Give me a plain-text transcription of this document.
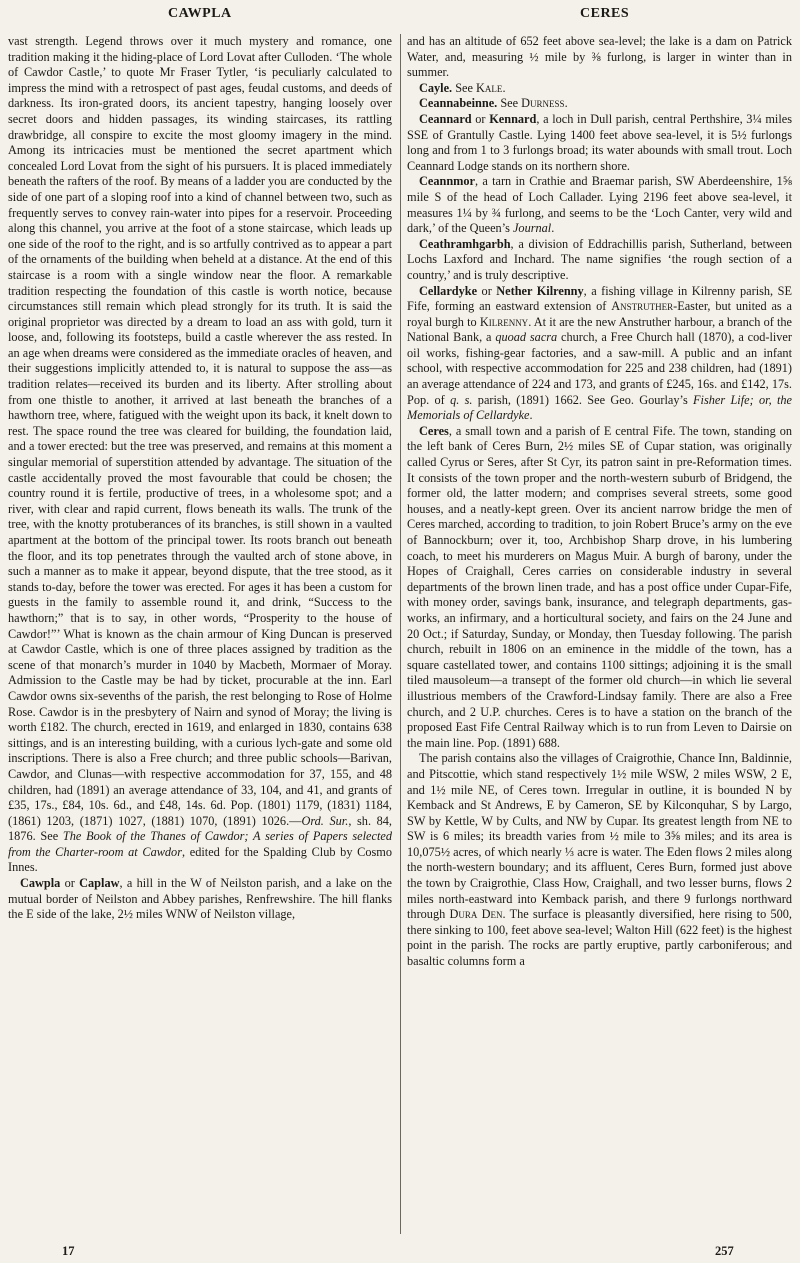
CAWPLA	CERES

vast strength. Legend throws over it much mystery and romance, one tradition making it the hiding-place of Lord Lovat after Culloden. ‘The whole of Cawdor Castle,’ to quote Mr Fraser Tytler, ‘is peculiarly calculated to impress the mind with a retrospect of past ages, feudal customs, and deeds of darkness. Its iron-grated doors, its ancient tapestry, hanging loosely over secret doors and hidden passages, its winding staircases, its rattling drawbridge, all conspire to excite the most gloomy imagery in the mind. Among its intricacies must be mentioned the secret apartment which concealed Lord Lovat from the sight of his pursuers. It is placed immediately beneath the rafters of the roof. By means of a ladder you are conducted by the side of one part of a sloping roof into a kind of channel between two, such as frequently serves to convey rain-water into pipes for a reservoir. Proceeding along this channel, you arrive at the foot of a stone staircase, which leads up one side of the roof to the right, and is so artfully contrived as to appear a part of the ornaments of the building when beheld at a distance. At the end of this staircase is a room with a single window near the floor. A remarkable tradition respecting the foundation of this castle is worth notice, because circumstances still remain which plead strongly for its truth. It is said the original proprietor was directed by a dream to load an ass with gold, turn it loose, and, following its footsteps, build a castle wherever the ass rested. In an age when dreams were considered as the immediate oracles of heaven, and their suggestions implicitly attended to, it is natural to suppose the ass—as tradition relates—received its burden and its liberty. After strolling about from one thistle to another, it arrived at last beneath the branches of a hawthorn tree, where, fatigued with the weight upon its back, it knelt down to rest. The space round the tree was cleared for building, the foundation laid, and a tower erected: but the tree was preserved, and remains at this moment a singular memorial of superstition attended by advantage. The situation of the castle accidentally proved the most favourable that could be chosen; the country round it is fertile, productive of trees, in a wholesome spot; and a river, with clear and rapid current, flows beneath its walls. The trunk of the tree, with the knotty protuberances of its branches, is still shown in a vaulted apartment at the bottom of the principal tower. Its roots branch out beneath the floor, and its top penetrates through the vaulted arch of stone above, in such a manner as to make it appear, beyond dispute, that the tree stood, as it stands to-day, before the tower was erected. For ages it has been a custom for guests in the family to assemble round it, and drink, “Success to the hawthorn;” that is to say, in other words, “Prosperity to the house of Cawdor!”’ What is known as the chain armour of King Duncan is preserved at Cawdor Castle, which is one of three places assigned by tradition as the scene of that monarch’s murder in 1040 by Macbeth, Mormaer of Moray. Admission to the Castle may be had by ticket, procurable at the inn. Earl Cawdor owns six-sevenths of the parish, the rest belonging to Rose of Holme Rose. Cawdor is in the presbytery of Nairn and synod of Moray; the living is worth £182. The church, erected in 1619, and enlarged in 1830, contains 638 sittings, and is an interesting building, with a curious lych-gate and some old inscriptions. There is also a Free church; and three public schools—Barivan, Cawdor, and Clunas—with respective accommodation for 37, 155, and 48 children, had (1891) an average attendance of 33, 104, and 41, and grants of £35, 17s., £84, 10s. 6d., and £48, 14s. 6d. Pop. (1801) 1179, (1831) 1184, (1861) 1203, (1871) 1027, (1881) 1070, (1891) 1026.—Ord. Sur., sh. 84, 1876. See The Book of the Thanes of Cawdor; A series of Papers selected from the Charter-room at Cawdor, edited for the Spalding Club by Cosmo Innes.

Cawpla or Caplaw, a hill in the W of Neilston parish, and a lake on the mutual border of Neilston and Abbey parishes, Renfrewshire. The hill flanks the E side of the lake, 2½ miles WNW of Neilston village,

and has an altitude of 652 feet above sea-level; the lake is a dam on Patrick Water, and, measuring ½ mile by ⅜ furlong, is larger in winter than in summer.

Cayle. See Kale.

Ceannabeinne. See Durness.

Ceannard or Kennard, a loch in Dull parish, central Perthshire, 3¼ miles SSE of Grantully Castle. Lying 1400 feet above sea-level, it is 5½ furlongs long and from 1 to 3 furlongs broad; its water abounds with small trout. Loch Ceannard Lodge stands on its northern shore.

Ceannmor, a tarn in Crathie and Braemar parish, SW Aberdeenshire, 1⅝ mile S of the head of Loch Callader. Lying 2196 feet above sea-level, it measures 1¼ by ¾ furlong, and seems to be the ‘Loch Canter, very wild and dark,’ of the Queen’s Journal.

Ceathramhgarbh, a division of Eddrachillis parish, Sutherland, between Lochs Laxford and Inchard. The name signifies ‘the rough section of a country,’ and is truly descriptive.

Cellardyke or Nether Kilrenny, a fishing village in Kilrenny parish, SE Fife, forming an eastward extension of Anstruther-Easter, but united as a royal burgh to Kilrenny. At it are the new Anstruther harbour, a branch of the National Bank, a quoad sacra church, a Free Church hall (1870), a cod-liver oil works, fishing-gear factories, and a saw-mill. A public and an infant school, with respective accommodation for 225 and 238 children, had (1891) an average attendance of 224 and 173, and grants of £245, 16s. and £142, 17s. Pop. of q. s. parish, (1891) 1662. See Geo. Gourlay’s Fisher Life; or, the Memorials of Cellardyke.

Ceres, a small town and a parish of E central Fife. The town, standing on the left bank of Ceres Burn, 2½ miles SE of Cupar station, was originally called Cyrus or Seres, after St Cyr, its patron saint in pre-Reformation times. It consists of the town proper and the north-western suburb of Bridgend, the former old, the latter modern; and comprises several streets, some good houses, and a neatly-kept green. Over its ancient narrow bridge the men of Ceres marched, according to tradition, to join Robert Bruce’s army on the eve of Bannockburn; over it, too, Archbishop Sharp drove, in his lumbering coach, to meet his murderers on Magus Muir. A burgh of barony, under the Hopes of Craighall, Ceres carries on considerable industry in several departments of the brown linen trade, and has a post office under Cupar-Fife, with money order, savings bank, insurance, and telegraph departments, gas-works, an infirmary, and a horticultural society, and fairs on the 24 June and 20 Oct.; if Saturday, Sunday, or Monday, then Tuesday following. The parish church, rebuilt in 1806 on an eminence in the middle of the town, has a square castellated tower, and contains 1100 sittings; adjoining it is the small tiled mausoleum—a transept of the former old church—in which lie several illustrious members of the Crawford-Lindsay family. There are also a Free church, and 2 U.P. churches. Ceres is to have a station on the branch of the proposed East Fife Central Railway which is to run from Leven to Dairsie on the main line. Pop. (1891) 688.

The parish contains also the villages of Craigrothie, Chance Inn, Baldinnie, and Pitscottie, which stand respectively 1½ mile WSW, 2 miles WSW, 2 E, and 1½ mile NE, of Ceres town. Irregular in outline, it is bounded N by Kemback and St Andrews, E by Cameron, SE by Kilconquhar, S by Largo, SW by Kettle, W by Cults, and NW by Cupar. Its greatest length from NE to SW is 6 miles; its breadth varies from ½ mile to 3⅝ miles; and its area is 10,075½ acres, of which nearly ⅓ acre is water. The Eden flows 2 miles along the north-western boundary; and its affluent, Ceres Burn, formed just above the town by Craigrothie, Class How, Craighall, and two lesser burns, flows 2 miles north-eastward into Kemback parish, and there 9 furlongs northward through Dura Den. The surface is pleasantly diversified, here rising to 500, there sinking to 100, feet above sea-level; Walton Hill (622 feet) is the highest point in the parish. The rocks are partly eruptive, partly carboniferous; and basaltic columns form a

17	257
